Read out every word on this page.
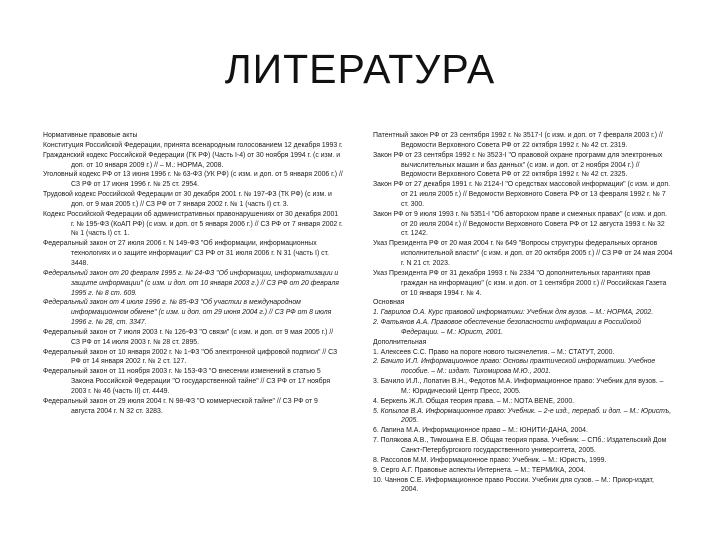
ЛИТЕРАТУРА

Нормативные правовые акты

Конституция Российской Федерации, принята всенародным голосованием 12 декабря 1993 г.

Гражданский кодекс Российской Федерации (ГК РФ) (Часть I-4) от 30 ноября 1994 г. (с изм. и доп. от 10 января 2009 г.) // – М.: НОРМА, 2008.

Уголовный кодекс РФ от 13 июня 1996 г. № 63-ФЗ (УК РФ) (с изм. и доп. от 5 января 2006 г.) // СЗ РФ от 17 июня 1996 г. № 25 ст. 2954.

Трудовой кодекс Российской Федерации от 30 декабря 2001 г. № 197-ФЗ (ТК РФ) (с изм. и доп. от 9 мая 2005 г.) // СЗ РФ от 7 января 2002 г. № 1 (часть I) ст. 3.

Кодекс Российской Федерации об административных правонарушениях от 30 декабря 2001 г. № 195-ФЗ (КоАП РФ) (с изм. и доп. от 5 января 2006 г.) // СЗ РФ от 7 января 2002 г. № 1 (часть I) ст. 1.

Федеральный закон от 27 июля 2006 г. N 149-ФЗ "Об информации, информационных технологиях и о защите информации" СЗ РФ от 31 июля 2006 г. N 31 (часть I) ст. 3448.

Федеральный закон от 20 февраля 1995 г. № 24-ФЗ "Об информации, информатизации и защите информации" (с изм. и доп. от 10 января 2003 г.) // СЗ РФ от 20 февраля 1995 г. № 8 ст. 609.

Федеральный закон от 4 июля 1996 г. № 85-ФЗ "Об участии в международном информационном обмене" (с изм. и доп. от 29 июня 2004 г.) // СЗ РФ от 8 июля 1996 г. № 28, ст. 3347.

Федеральный закон от 7 июля 2003 г. № 126-ФЗ "О связи" (с изм. и доп. от 9 мая 2005 г.) // СЗ РФ от 14 июля 2003 г. № 28 ст. 2895.

Федеральный закон от 10 января 2002 г. № 1-ФЗ "Об электронной цифровой подписи" // СЗ РФ от 14 января 2002 г. № 2 ст. 127.

Федеральный закон от 11 ноября 2003 г. № 153-ФЗ "О внесении изменений в статью 5 Закона Российской Федерации "О государственной тайне" // СЗ РФ от 17 ноября 2003 г. № 46 (часть II) ст. 4449.

Федеральный закон от 29 июля 2004 г. N 98-ФЗ "О коммерческой тайне" // СЗ РФ от 9 августа 2004 г. N 32 ст. 3283.

Патентный закон РФ от 23 сентября 1992 г. № 3517-I (с изм. и доп. от 7 февраля 2003 г.) // Ведомости Верховного Совета РФ от 22 октября 1992 г. № 42 ст. 2319.

Закон РФ от 23 сентября 1992 г. № 3523-I "О правовой охране программ для электронных вычислительных машин и баз данных" (с изм. и доп. от 2 ноября 2004 г.) // Ведомости Верховного Совета РФ от 22 октября 1992 г. № 42 ст. 2325.

Закон РФ от 27 декабря 1991 г. № 2124-I "О средствах массовой информации" (с изм. и доп. от 21 июля 2005 г.) // Ведомости Верховного Совета РФ от 13 февраля 1992 г. № 7 ст. 300.

Закон РФ от 9 июля 1993 г. № 5351-I "Об авторском праве и смежных правах" (с изм. и доп. от 20 июля 2004 г.) // Ведомости Верховного Совета РФ от 12 августа 1993 г. № 32 ст. 1242.

Указ Президента РФ от 20 мая 2004 г. № 649 "Вопросы структуры федеральных органов исполнительной власти" (с изм. и доп. от 20 октября 2005 г.) // СЗ РФ от 24 мая 2004 г. N 21 ст. 2023.

Указ Президента РФ от 31 декабря 1993 г. № 2334 "О дополнительных гарантиях прав граждан на информацию" (с изм. и доп. от 1 сентября 2000 г.) // Российская Газета от 10 января 1994 г. № 4.

Основная

1. Гаврилов О.А. Курс правовой информатики: Учебник для вузов. – М.: НОРМА, 2002.

2. Фатьянов А.А. Правовое обеспечение безопасности информации в Российской Федерации. – М.: Юрист, 2001.

Дополнительная

1. Алексеев С.С. Право на пороге нового тысячелетия. – М.: СТАТУТ, 2000.

2. Бачило И.Л. Информационное право: Основы практической информатики. Учебное пособие. – М.: издат. Тихомирова М.Ю., 2001.

3. Бачило И.Л., Лопатин В.Н., Федотов М.А. Информационное право: Учебник для вузов. – М.: Юридический Центр Пресс, 2005.

4. Беркель Ж.Л. Общая теория права. – М.: NOTA BENE, 2000.

5. Копылов В.А. Информационное право: Учебник. – 2-е изд., перераб. и доп. – М.: Юристъ, 2005.

6. Лапина М.А. Информационное право – М.: ЮНИТИ-ДАНА, 2004.

7. Полякова А.В., Тимошина Е.В. Общая теория права. Учебник. – СПб.: Издательский Дом Санкт-Петербургского государственного университета, 2005.

8. Рассолов М.М. Информационное право: Учебник. – М.: Юристъ, 1999.

9. Серго А.Г. Правовые аспекты Интернета. – М.: ТЕРМИКА, 2004.

10. Чаннов С.Е. Информационное право России. Учебник для сузов. – М.: Приор-издат, 2004.
